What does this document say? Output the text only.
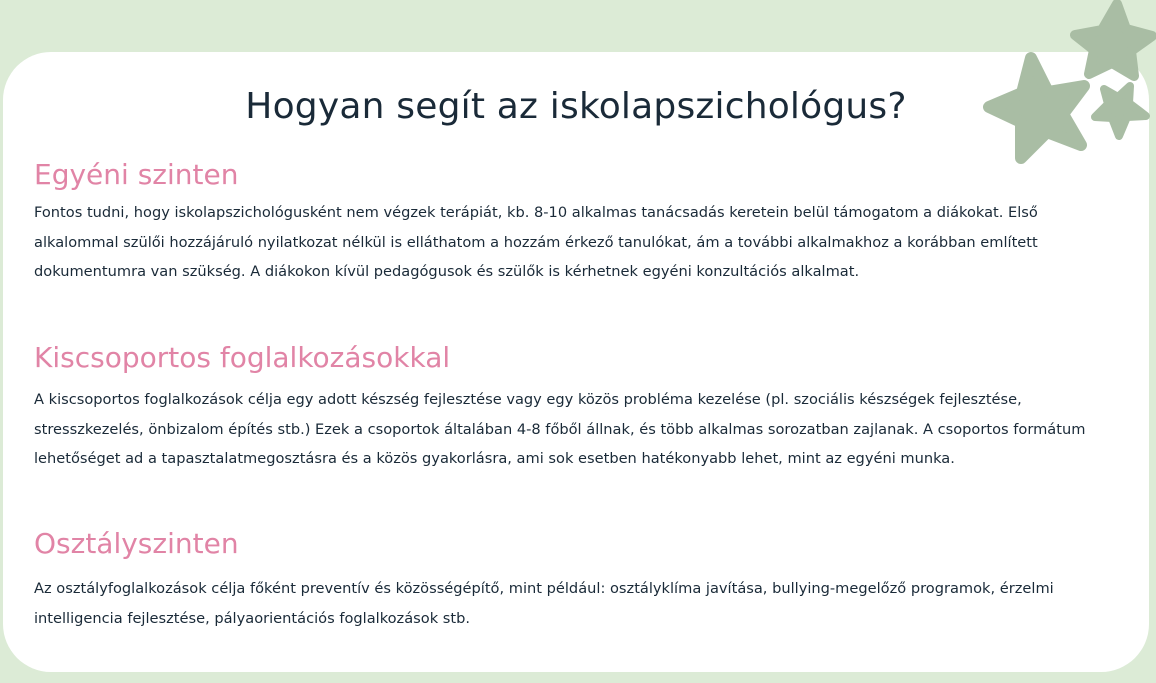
Hogyan segít az iskolapszichológus?
Egyéni szinten

Fontos tudni, hogy iskolapszichológusként nem végzek terápiát, kb. 8-10 alkalmas tanácsadás keretein belül támogatom a diákokat. Első alkalommal szülői hozzájáruló nyilatkozat nélkül is elláthatom a hozzám érkező tanulókat, ám a további alkalmakhoz a korábban említett dokumentumra van szükség. A diákokon kívül pedagógusok és szülők is kérhetnek egyéni konzultációs alkalmat.

Kiscsoportos foglalkozásokkal

A kiscsoportos foglalkozások célja egy adott készség fejlesztése vagy egy közös probléma kezelése (pl. szociális készségek fejlesztése, stresszkezelés, önbizalom építés stb.) Ezek a csoportok általában 4-8 főből állnak, és több alkalmas sorozatban zajlanak. A csoportos formátum lehetőséget ad a tapasztalatmegosztásra és a közös gyakorlásra, ami sok esetben hatékonyabb lehet, mint az egyéni munka.

Osztályszinten

Az osztályfoglalkozások célja főként preventív és közösségépítő, mint például: osztályklíma javítása, bullying-megelőző programok, érzelmi intelligencia fejlesztése, pályaorientációs foglalkozások stb.
